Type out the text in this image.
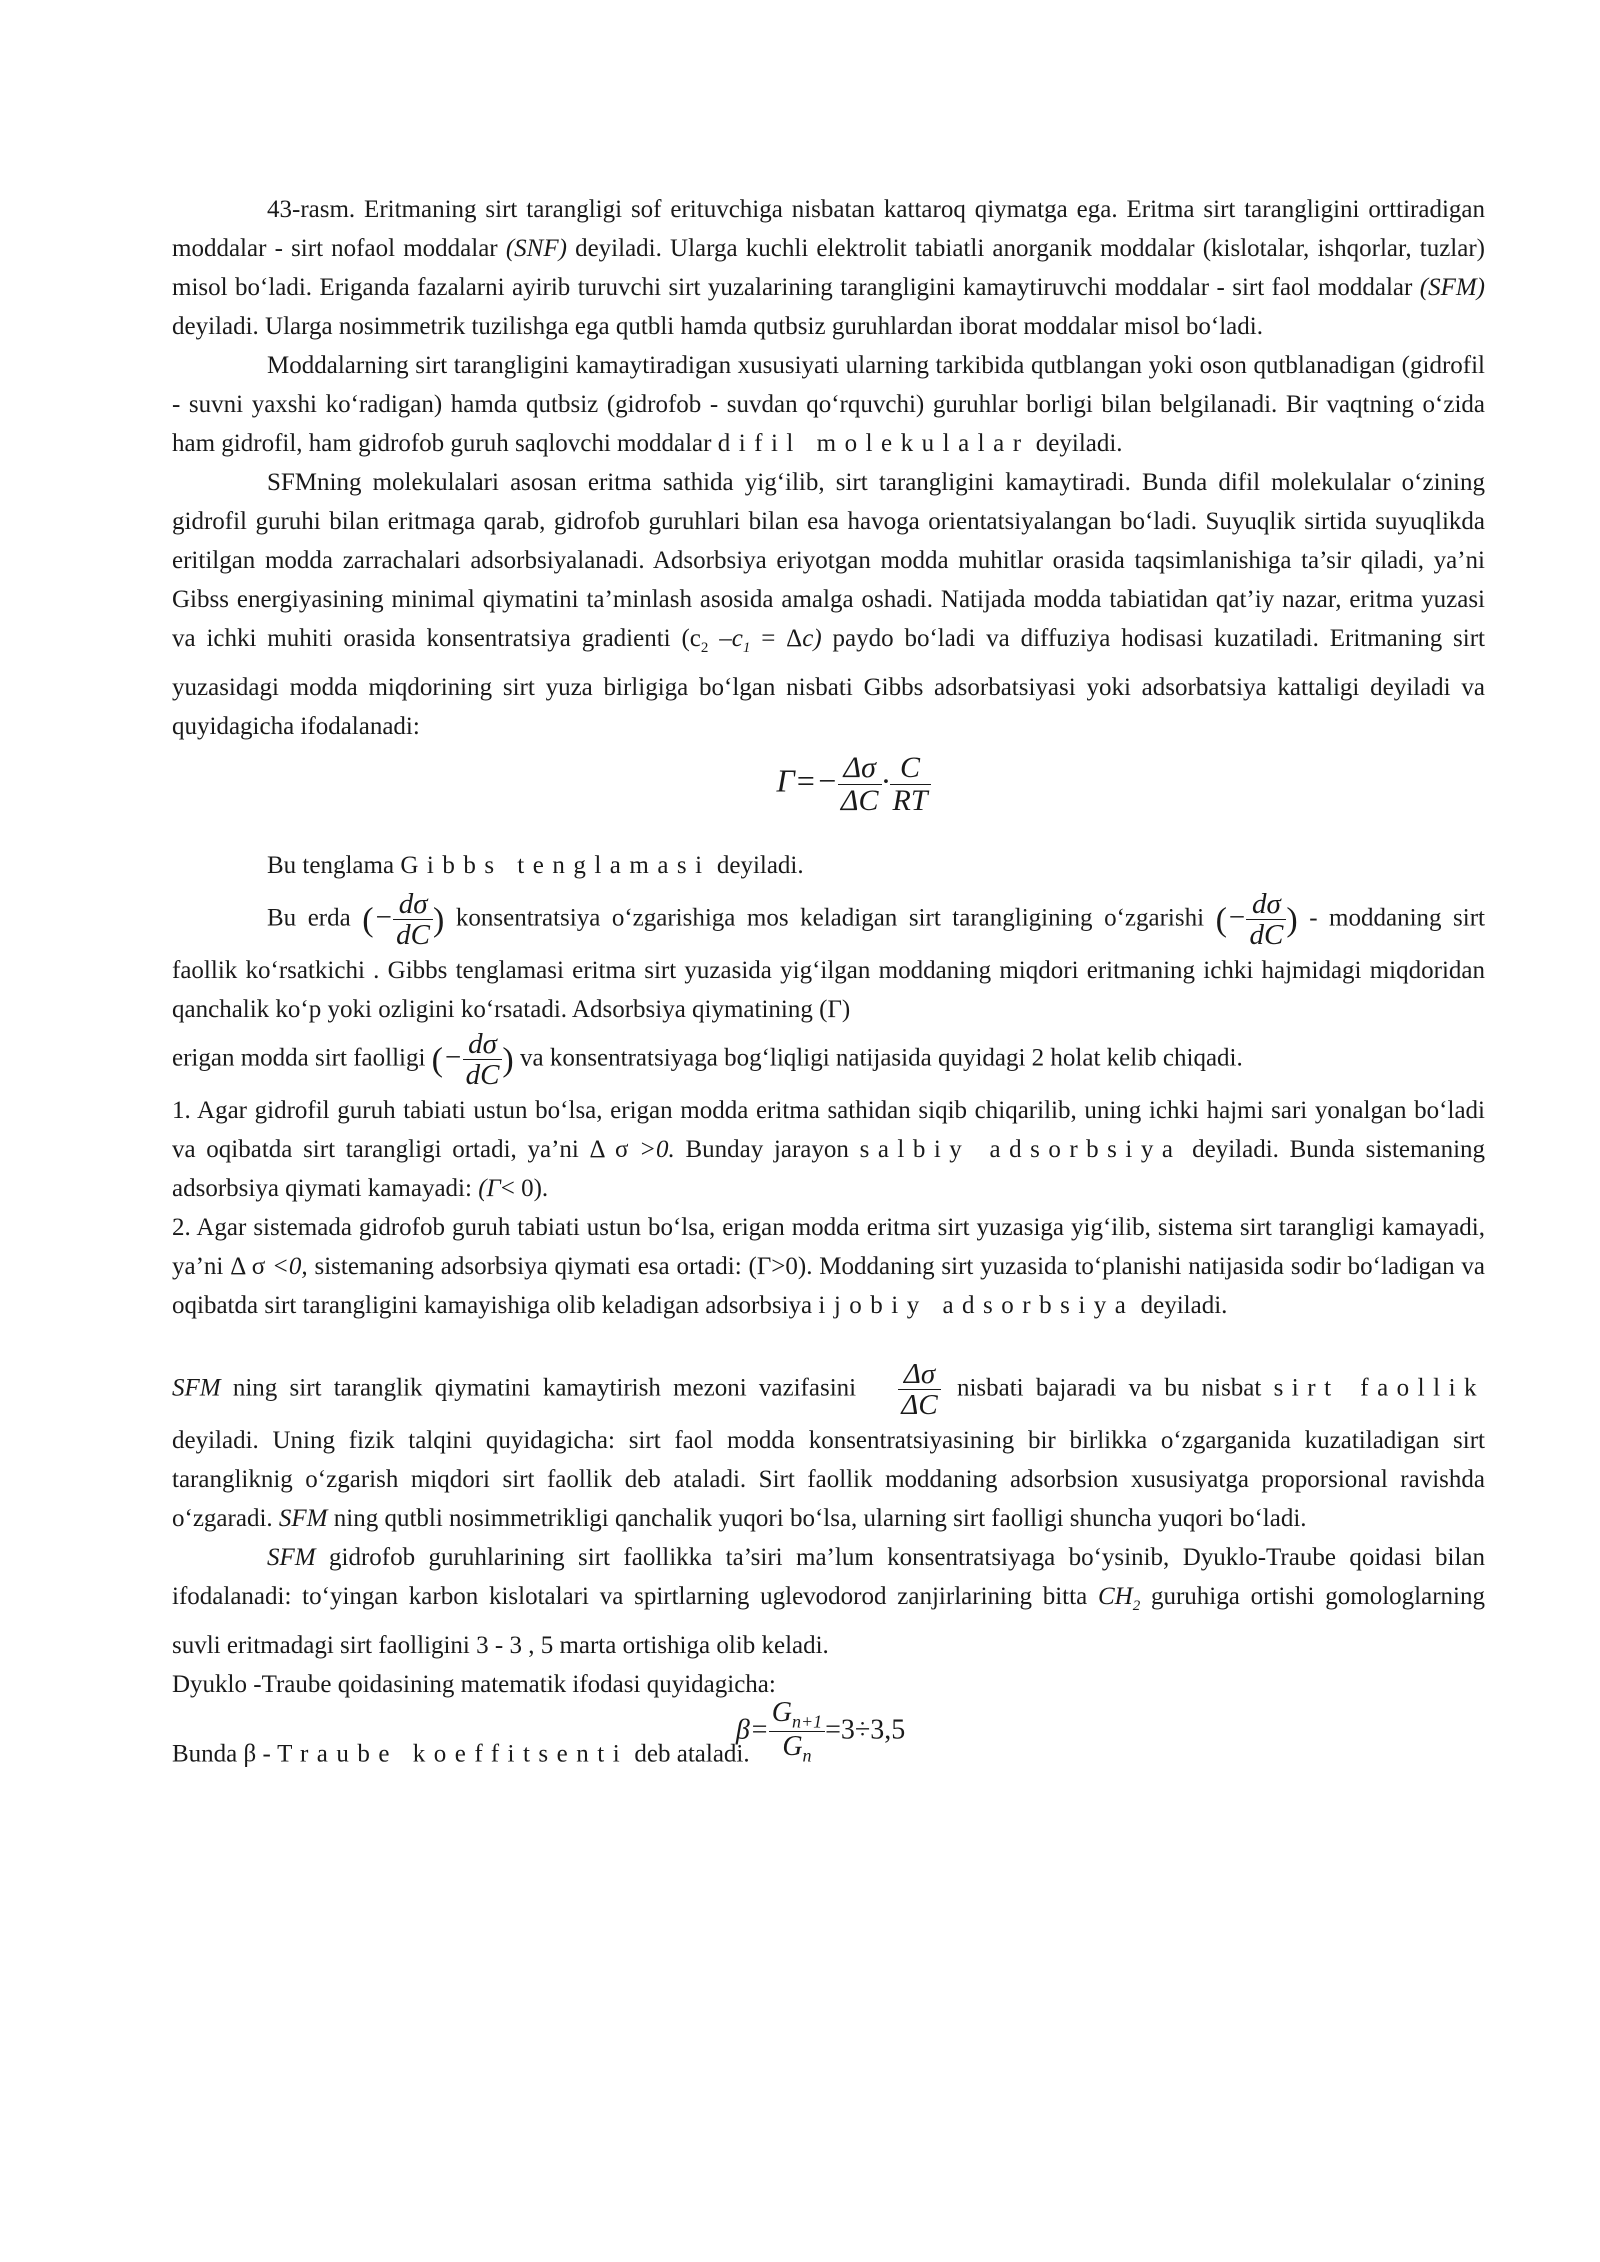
43-rasm. Eritmaning sirt tarangligi sof erituvchiga nisbatan kattaroq qiymatga ega. Eritma sirt tarangligini orttiradigan moddalar - sirt nofaol moddalar (SNF) deyiladi. Ularga kuchli elektrolit tabiatli anorganik moddalar (kislotalar, ishqorlar, tuzlar) misol bo‘ladi. Eriganda fazalarni ayirib turuvchi sirt yuzalarining tarangligini kamaytiruvchi moddalar - sirt faol moddalar (SFM) deyiladi. Ularga nosimmetrik tuzilishga ega qutbli hamda qutbsiz guruhlardan iborat moddalar misol bo‘ladi.

Moddalarning sirt tarangligini kamaytiradigan xususiyati ularning tarkibida qutblangan yoki oson qutblanadigan (gidrofil - suvni yaxshi ko‘radigan) hamda qutbsiz (gidrofob - suvdan qo‘rquvchi) guruhlar borligi bilan belgilanadi. Bir vaqtning o‘zida ham gidrofil, ham gidrofob guruh saqlovchi moddalar difil molekulalar deyiladi.

SFMning molekulalari asosan eritma sathida yig‘ilib, sirt tarangligini kamaytiradi. Bunda difil molekulalar o‘zining gidrofil guruhi bilan eritmaga qarab, gidrofob guruhlari bilan esa havoga orientatsiyalangan bo‘ladi. Suyuqlik sirtida suyuqlikda eritilgan modda zarrachalari adsorbsiyalanadi. Adsorbsiya eriyotgan modda muhitlar orasida taqsimlanishiga ta’sir qiladi, ya’ni Gibss energiyasining minimal qiymatini ta’minlash asosida amalga oshadi. Natijada modda tabiatidan qat’iy nazar, eritma yuzasi va ichki muhiti orasida konsentratsiya gradienti ($c_2$ $-c_1 = \Delta c$) paydo bo‘ladi va diffuziya hodisasi kuzatiladi. Eritmaning sirt yuzasidagi modda miqdorining sirt yuza birligiga bo‘lgan nisbati Gibbs adsorbatsiyasi yoki adsorbatsiya kattaligi deyiladi va quyidagicha ifodalanadi:

$\Gamma=- \frac{\Delta\sigma}{\Delta C} \cdot \frac{C}{RT}$

Bu tenglama Gibbs tenglamasi deyiladi.

Bu erda (− $\frac{d\sigma}{dC}$ ) konsentratsiya o‘zgarishiga mos keladigan sirt tarangligining o‘zgarishi (− $\frac{d\sigma}{dC}$ ) - moddaning sirt faollik ko‘rsatkichi . Gibbs tenglamasi eritma sirt yuzasida yig‘ilgan moddaning miqdori eritmaning ichki hajmidagi miqdoridan qanchalik ko‘p yoki ozligini ko‘rsatadi. Adsorbsiya qiymatining (Γ)

erigan modda sirt faolligi (− $\frac{d\sigma}{dC}$ ) va konsentratsiyaga bog‘liqligi natijasida quyidagi 2 holat kelib chiqadi.

1. Agar gidrofil guruh tabiati ustun bo‘lsa, erigan modda eritma sathidan siqib chiqarilib, uning ichki hajmi sari yonalgan bo‘ladi va oqibatda sirt tarangligi ortadi, ya’ni Δ σ >0. Bunday jarayon salbiy adsorbsiya deyiladi. Bunda sistemaning adsorbsiya qiymati kamayadi: (Γ< 0).

2. Agar sistemada gidrofob guruh tabiati ustun bo‘lsa, erigan modda eritma sirt yuzasiga yig‘ilib, sistema sirt tarangligi kamayadi, ya’ni Δ σ <0, sistemaning adsorbsiya qiymati esa ortadi: (Γ>0). Moddaning sirt yuzasida to‘planishi natijasida sodir bo‘ladigan va oqibatda sirt tarangligini kamayishiga olib keladigan adsorbsiya ijobiy adsorbsiya deyiladi.

SFM ning sirt taranglik qiymatini kamaytirish mezoni vazifasini $\frac{\Delta\sigma}{\Delta C}$ nisbati bajaradi va bu nisbat sirt faollik deyiladi. Uning fizik talqini quyidagicha: sirt faol modda konsentratsiyasining bir birlikka o‘zgarganida kuzatiladigan sirt tarangliknig o‘zgarish miqdori sirt faollik deb ataladi. Sirt faollik moddaning adsorbsion xususiyatga proporsional ravishda o‘zgaradi. SFM ning qutbli nosimmetrikligi qanchalik yuqori bo‘lsa, ularning sirt faolligi shuncha yuqori bo‘ladi.

SFM gidrofob guruhlarining sirt faollikka ta’siri ma’lum konsentratsiyaga bo‘ysinib, Dyuklo-Traube qoidasi bilan ifodalanadi: to‘yingan karbon kislotalari va spirtlarning uglevodorod zanjirlarining bitta $CH_2$ guruhiga ortishi gomologlarning suvli eritmadagi sirt faolligini 3 - 3 , 5 marta ortishiga olib keladi.

Dyuklo -Traube qoidasining matematik ifodasi quyidagicha:

Bunda β - Traube koeffitsenti deb ataladi. $\beta= \frac{G_{n+1}}{G_n} =3\div 3,5$
